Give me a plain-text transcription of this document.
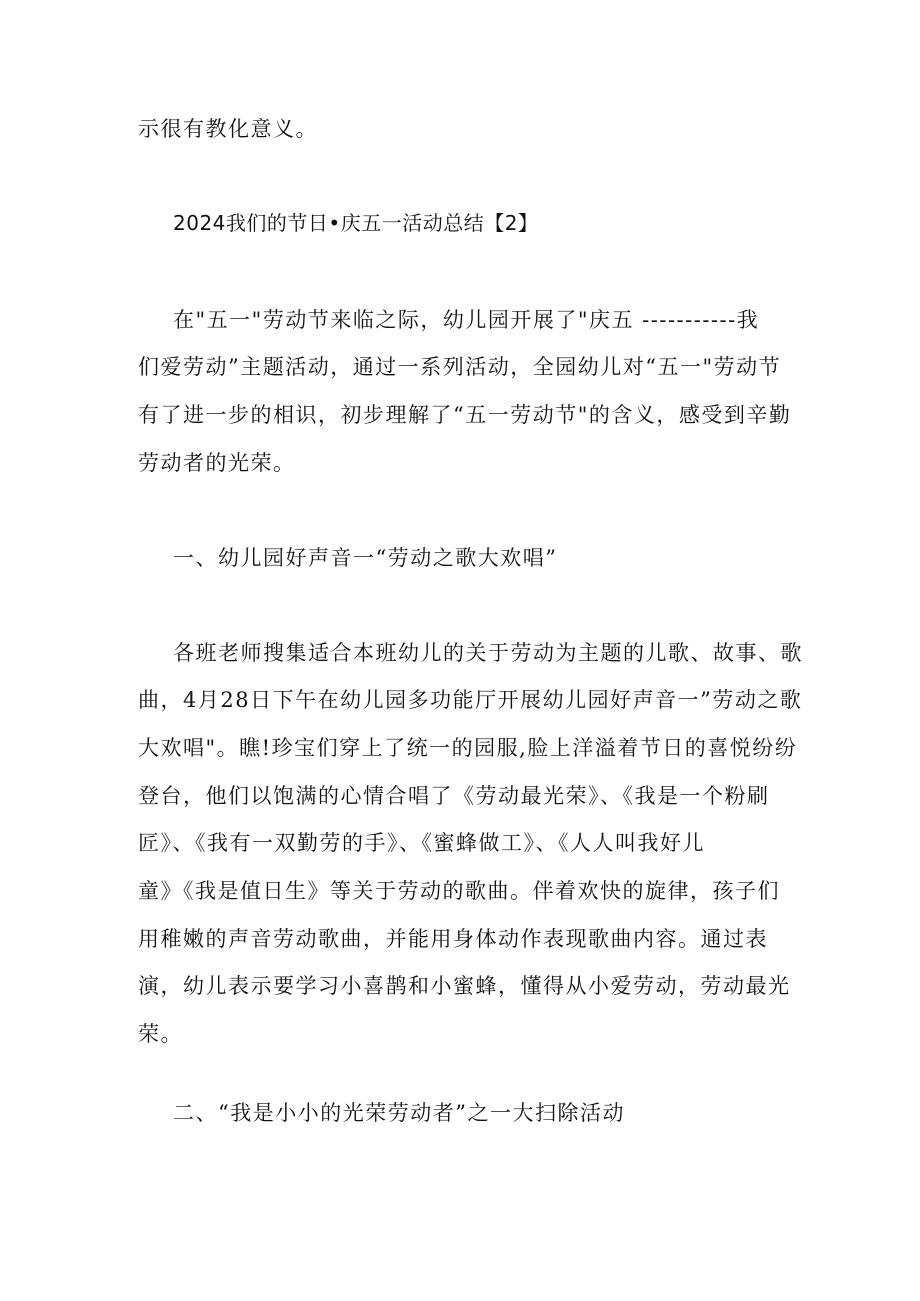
示很有教化意义。
2024我们的节日•庆五一活动总结【2】
在"五一"劳动节来临之际，幼儿园开展了"庆五 -----------我
们爱劳动”主题活动，通过一系列活动，全园幼儿对“五一"劳动节
有了进一步的相识，初步理解了“五一劳动节"的含义，感受到辛勤
劳动者的光荣。
一、幼儿园好声音一“劳动之歌大欢唱”
各班老师搜集适合本班幼儿的关于劳动为主题的儿歌、故事、歌
曲，4月28日下午在幼儿园多功能厅开展幼儿园好声音一”劳动之歌
大欢唱"。瞧!珍宝们穿上了统一的园服,脸上洋溢着节日的喜悦纷纷
登台，他们以饱满的心情合唱了《劳动最光荣》、《我是一个粉刷
匠》、《我有一双勤劳的手》、《蜜蜂做工》、《人人叫我好儿
童》《我是值日生》等关于劳动的歌曲。伴着欢快的旋律，孩子们
用稚嫩的声音劳动歌曲，并能用身体动作表现歌曲内容。通过表
演，幼儿表示要学习小喜鹊和小蜜蜂，懂得从小爱劳动，劳动最光
荣。
二、“我是小小的光荣劳动者”之一大扫除活动
